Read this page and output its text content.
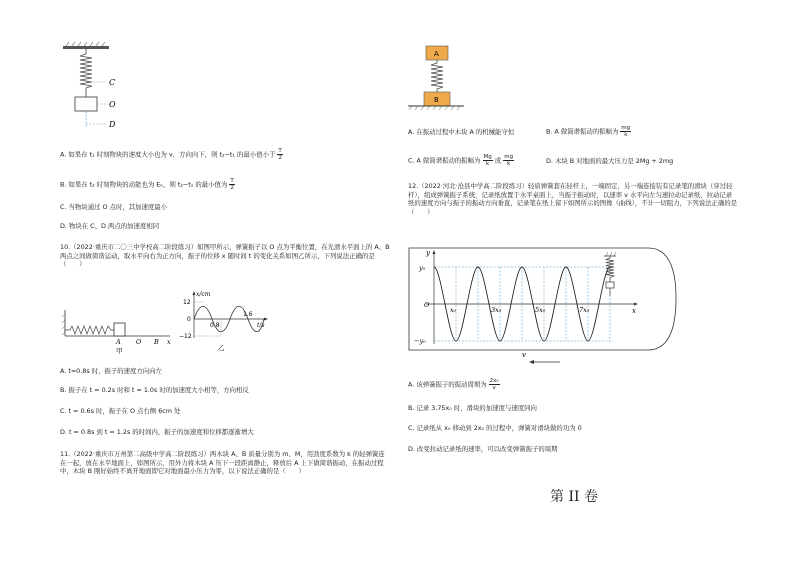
C
O
D
A. 如果在 t₁ 时刻物块的速度大小也为 v，方向向下，则 t₂−t₁ 的最小值小于 $\frac{T}{2}$
B. 如果在 t₂ 时刻物块的动能也为 Eₖ，则 t₂−t₁ 的最小值为 $\frac{T}{2}$
C. 当物块通过 O 点时，其加速度最小
D. 物块在 C、D 两点的加速度相同
10.（2022·重庆市二〇三中学校高二阶段练习）如图甲所示，弹簧振子以 O 点为平衡位置，在光滑水平面上的 A、B 两点之间做简谐运动，取水平向右为正方向，振子的位移 x 随时间 t 的变化关系如图乙所示，下列说法正确的是（　　）
A O B x
甲
x/cm
12
0
−12
0.8
1.6
t/s
乙
A. t=0.8s 时，振子的速度方向向左
B. 振子在 t = 0.2s 时和 t = 1.0s 时的加速度大小相等，方向相反
C. t = 0.6s 时，振子在 O 点右侧 6cm 处
D. t = 0.8s 到 t = 1.2s 的时间内，振子的加速度和位移都逐渐增大
11.（2022·重庆市万州第二高级中学高二阶段练习）两木块 A、B 质量分别为 m、M，用劲度系数为 k 的轻弹簧连在一起，放在水平地面上，如图所示，用外力将木块 A 压下一段距离静止，释放后 A 上下做简谐振动，在振动过程中，木块 B 刚好始终不离开地面即它对地面最小压力为零，以下说法正确的是（　　）
A
B
A. 在振动过程中木块 A 的机械能守恒	B. A 做简谐振动的振幅为 $\frac{mg}{k}$
C. A 做简谐振动的振幅为 $\frac{Mg}{k}$ 或 $\frac{mg}{k}$	D. 木块 B 对地面的最大压力是 2Mg + 2mg
12.（2022·河北·沧县中学高二阶段练习）轻质弹簧套在轻杆上，一端固定，另一端连接装有记录笔的滑块（穿过轻杆），组成弹簧振子系统，记录纸放置于水平桌面上，当振子振动时，以速率 v 水平向左匀速拉动记录纸，拉动记录纸的速度方向与振子的振动方向垂直，记录笔在纸上留下如图所示的图像（曲线），不计一切阻力，下列说法正确的是（　　）
y
y₀
O
−y₀
x
x₀	3x₀	5x₀	7x₀
v
A. 该弹簧振子的振动周期为 $\frac{\text{2x₀}}{v}$
B. 记录 3.75x₀ 时，滑块的加速度与速度同向
C. 记录纸从 x₀ 移动到 2x₀ 的过程中，弹簧对滑块做的功为 0
D. 改变拉动记录纸的速率，可以改变弹簧振子的周期
第 II 卷
